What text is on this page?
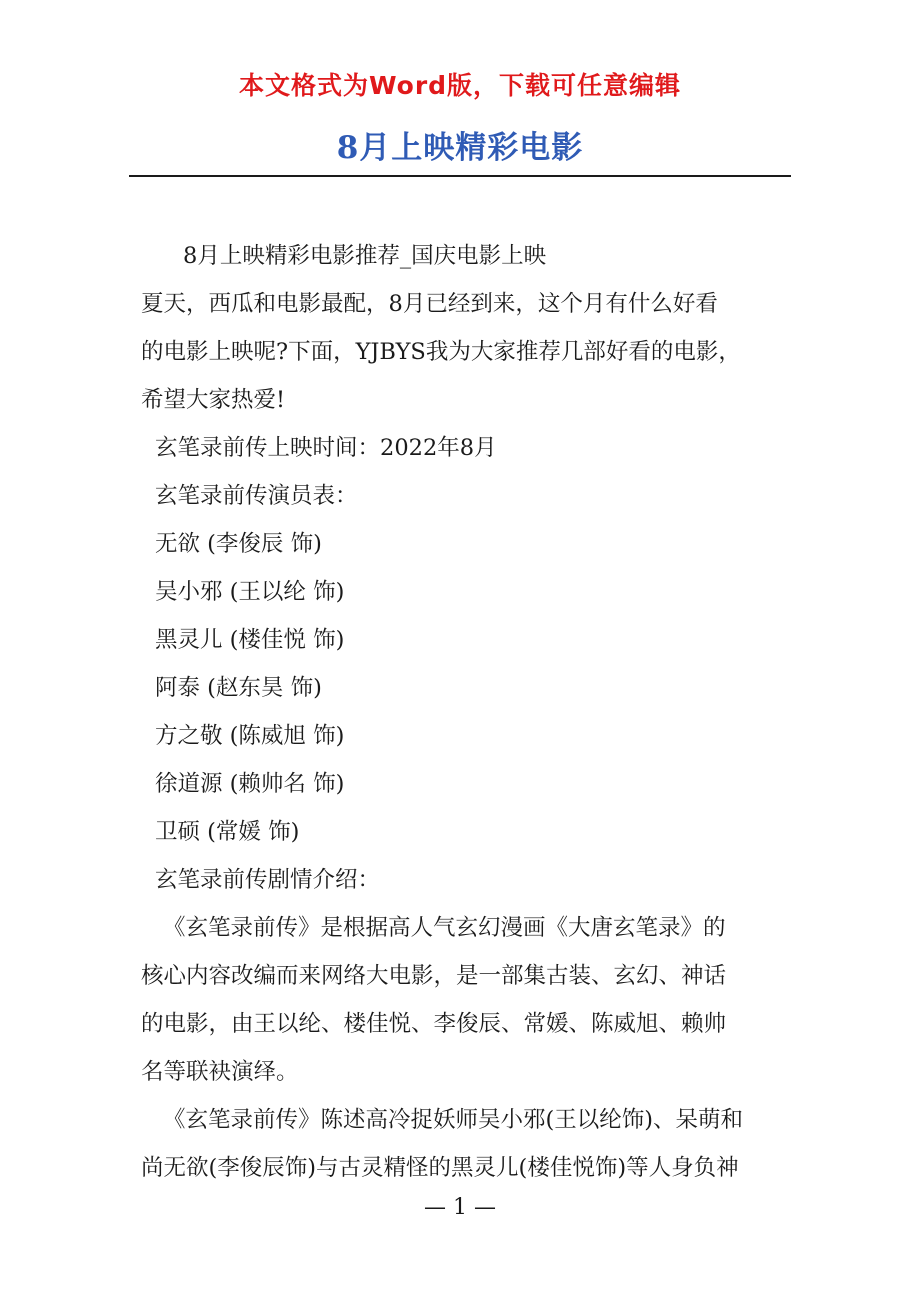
本文格式为Word版，下载可任意编辑
8月上映精彩电影
8月上映精彩电影推荐_国庆电影上映
夏天，西瓜和电影最配，8月已经到来，这个月有什么好看
的电影上映呢?下面，YJBYS我为大家推荐几部好看的电影，
希望大家热爱!
玄笔录前传上映时间：2022年8月
玄笔录前传演员表：
无欲 (李俊辰 饰)
吴小邪 (王以纶 饰)
黑灵儿 (楼佳悦 饰)
阿泰 (赵东昊 饰)
方之敬 (陈威旭 饰)
徐道源 (赖帅名 饰)
卫硕 (常媛 饰)
玄笔录前传剧情介绍：
《玄笔录前传》是根据高人气玄幻漫画《大唐玄笔录》的
核心内容改编而来网络大电影，是一部集古装、玄幻、神话
的电影，由王以纶、楼佳悦、李俊辰、常媛、陈威旭、赖帅
名等联袂演绎。
《玄笔录前传》陈述高冷捉妖师吴小邪(王以纶饰)、呆萌和
尚无欲(李俊辰饰)与古灵精怪的黑灵儿(楼佳悦饰)等人身负神
— 1 —
